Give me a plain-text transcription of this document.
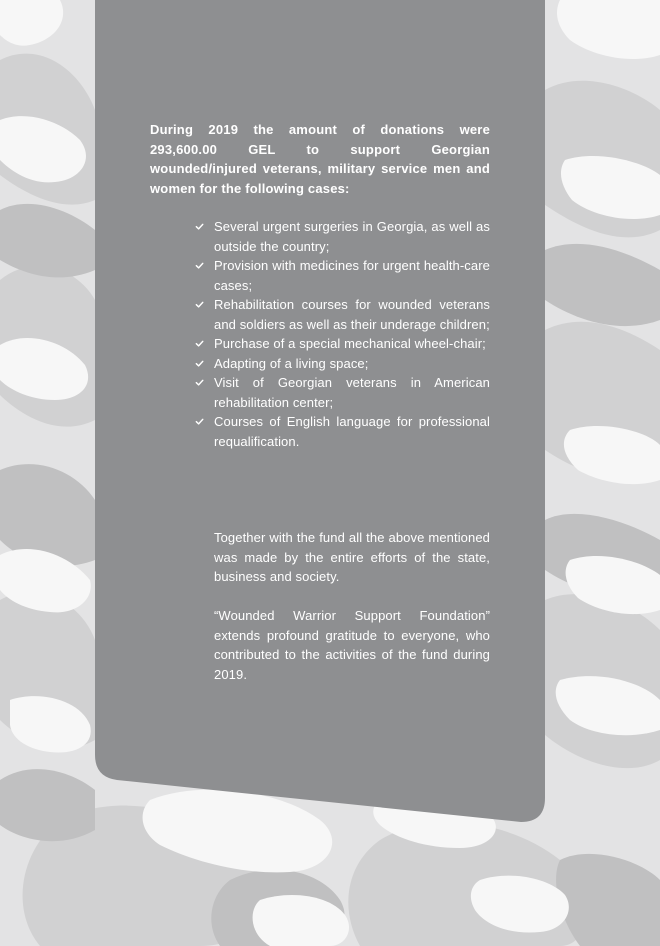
During 2019 the amount of donations were 293,600.00 GEL to support Georgian wounded/injured veterans, military service men and women for the following cases:

Several urgent surgeries in Georgia, as well as outside the country;
Provision with medicines for urgent health-care cases;
Rehabilitation courses for wounded veterans and soldiers as well as their underage children;
Purchase of a special mechanical wheel-chair;
Adapting of a living space;
Visit of Georgian veterans in American rehabilitation center;
Courses of English language for professional requalification.

Together with the fund all the above mentioned was made by the entire efforts of the state, business and society.

“Wounded Warrior Support Foundation” extends profound gratitude to everyone, who contributed to the activities of the fund during 2019.
